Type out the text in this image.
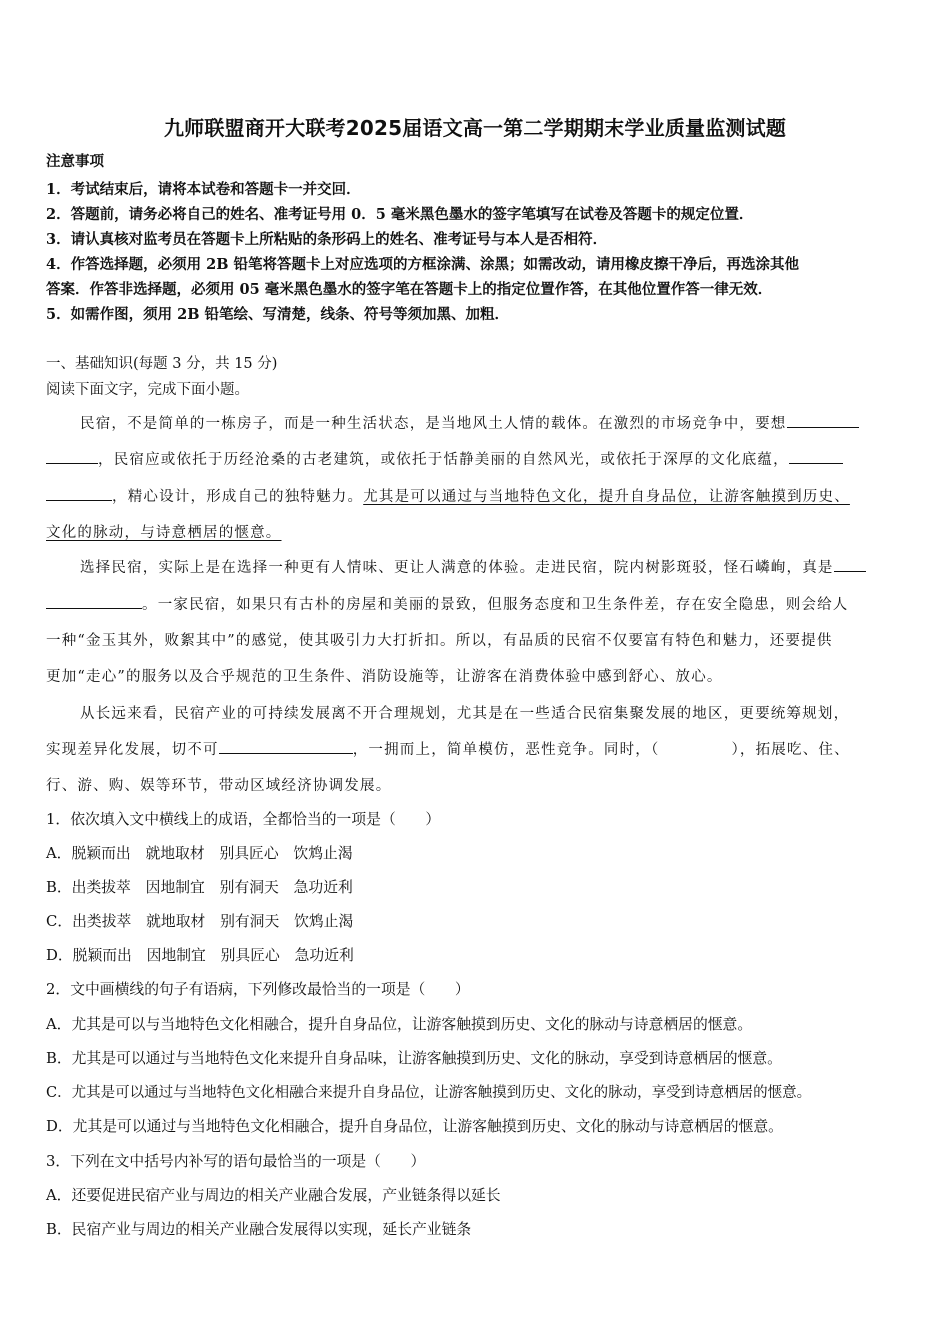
九师联盟商开大联考2025届语文高一第二学期期末学业质量监测试题
注意事项
1．考试结束后，请将本试卷和答题卡一并交回．
2．答题前，请务必将自己的姓名、准考证号用 0．5 毫米黑色墨水的签字笔填写在试卷及答题卡的规定位置．
3．请认真核对监考员在答题卡上所粘贴的条形码上的姓名、准考证号与本人是否相符．
4．作答选择题，必须用 2B 铅笔将答题卡上对应选项的方框涂满、涂黑；如需改动，请用橡皮擦干净后，再选涂其他
答案．作答非选择题，必须用 05 毫米黑色墨水的签字笔在答题卡上的指定位置作答，在其他位置作答一律无效．
5．如需作图，须用 2B 铅笔绘、写清楚，线条、符号等须加黑、加粗．
一、基础知识(每题 3 分，共 15 分)
阅读下面文字，完成下面小题。
民宿，不是简单的一栋房子，而是一种生活状态，是当地风土人情的载体。在激烈的市场竞争中，要想
，民宿应或依托于历经沧桑的古老建筑，或依托于恬静美丽的自然风光，或依托于深厚的文化底蕴，
，精心设计，形成自己的独特魅力。尤其是可以通过与当地特色文化，提升自身品位，让游客触摸到历史、
文化的脉动，与诗意栖居的惬意。
选择民宿，实际上是在选择一种更有人情味、更让人满意的体验。走进民宿，院内树影斑驳，怪石嶙峋，真是
。一家民宿，如果只有古朴的房屋和美丽的景致，但服务态度和卫生条件差，存在安全隐患，则会给人
一种“金玉其外，败絮其中”的感觉，使其吸引力大打折扣。所以，有品质的民宿不仅要富有特色和魅力，还要提供
更加“走心”的服务以及合乎规范的卫生条件、消防设施等，让游客在消费体验中感到舒心、放心。
从长远来看，民宿产业的可持续发展离不开合理规划，尤其是在一些适合民宿集聚发展的地区，更要统筹规划，
实现差异化发展，切不可	，一拥而上，简单模仿，恶性竞争。同时，（	），拓展吃、住、
行、游、购、娱等环节，带动区域经济协调发展。
1．依次填入文中横线上的成语，全都恰当的一项是（　　）
A．脱颖而出　就地取材　别具匠心　饮鸩止渴
B．出类拔萃　因地制宜　别有洞天　急功近利
C．出类拔萃　就地取材　别有洞天　饮鸩止渴
D．脱颖而出　因地制宜　别具匠心　急功近利
2．文中画横线的句子有语病，下列修改最恰当的一项是（　　）
A．尤其是可以与当地特色文化相融合，提升自身品位，让游客触摸到历史、文化的脉动与诗意栖居的惬意。
B．尤其是可以通过与当地特色文化来提升自身品味，让游客触摸到历史、文化的脉动，享受到诗意栖居的惬意。
C．尤其是可以通过与当地特色文化相融合来提升自身品位，让游客触摸到历史、文化的脉动，享受到诗意栖居的惬意。
D．尤其是可以通过与当地特色文化相融合，提升自身品位，让游客触摸到历史、文化的脉动与诗意栖居的惬意。
3．下列在文中括号内补写的语句最恰当的一项是（　　）
A．还要促进民宿产业与周边的相关产业融合发展，产业链条得以延长
B．民宿产业与周边的相关产业融合发展得以实现，延长产业链条
